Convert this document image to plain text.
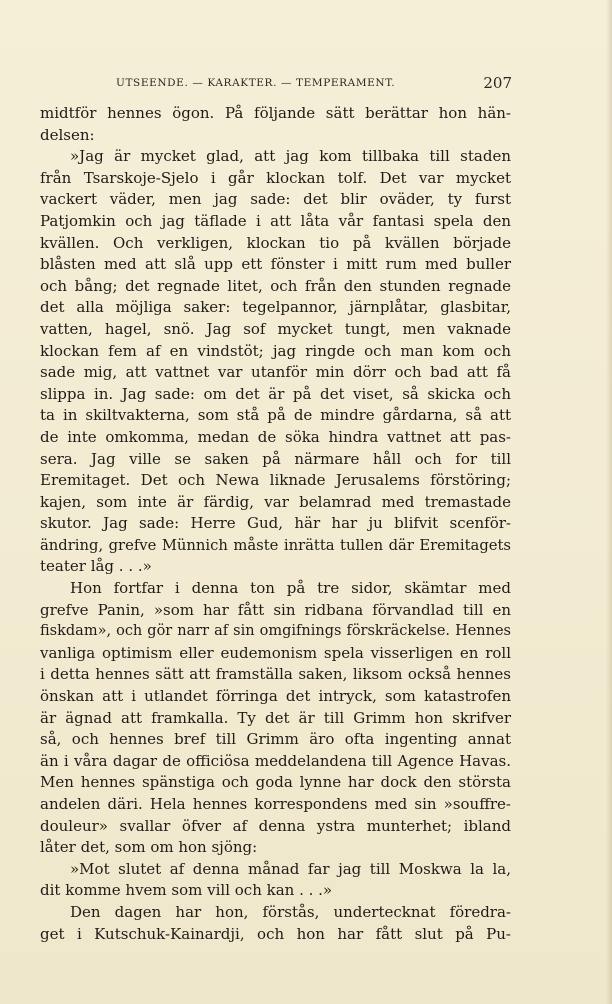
UTSEENDE. — KARAKTER. — TEMPERAMENT.	207
midtför hennes ögon. På följande sätt berättar hon hän-
delsen:
»Jag är mycket glad, att jag kom tillbaka till staden
från Tsarskoje-Sjelo i går klockan tolf. Det var mycket
vackert väder, men jag sade: det blir oväder, ty furst
Patjomkin och jag täflade i att låta vår fantasi spela den
kvällen. Och verkligen, klockan tio på kvällen började
blåsten med att slå upp ett fönster i mitt rum med buller
och bång; det regnade litet, och från den stunden regnade
det alla möjliga saker: tegelpannor, järnplåtar, glasbitar,
vatten, hagel, snö. Jag sof mycket tungt, men vaknade
klockan fem af en vindstöt; jag ringde och man kom och
sade mig, att vattnet var utanför min dörr och bad att få
slippa in. Jag sade: om det är på det viset, så skicka och
ta in skiltvakterna, som stå på de mindre gårdarna, så att
de inte omkomma, medan de söka hindra vattnet att pas-
sera. Jag ville se saken på närmare håll och for till
Eremitaget. Det och Newa liknade Jerusalems förstöring;
kajen, som inte är färdig, var belamrad med tremastade
skutor. Jag sade: Herre Gud, här har ju blifvit scenför-
ändring, grefve Münnich måste inrätta tullen där Eremitagets
teater låg . . .»
Hon fortfar i denna ton på tre sidor, skämtar med
grefve Panin, »som har fått sin ridbana förvandlad till en
fiskdam», och gör narr af sin omgifnings förskräckelse. Hennes
vanliga optimism eller eudemonism spela visserligen en roll
i detta hennes sätt att framställa saken, liksom också hennes
önskan att i utlandet förringa det intryck, som katastrofen
är ägnad att framkalla. Ty det är till Grimm hon skrifver
så, och hennes bref till Grimm äro ofta ingenting annat
än i våra dagar de officiösa meddelandena till Agence Havas.
Men hennes spänstiga och goda lynne har dock den största
andelen däri. Hela hennes korrespondens med sin »souffre-
douleur» svallar öfver af denna ystra munterhet; ibland
låter det, som om hon sjöng:
»Mot slutet af denna månad far jag till Moskwa la la,
dit komme hvem som vill och kan . . .»
Den dagen har hon, förstås, undertecknat föredra-
get i Kutschuk-Kainardji, och hon har fått slut på Pu-
